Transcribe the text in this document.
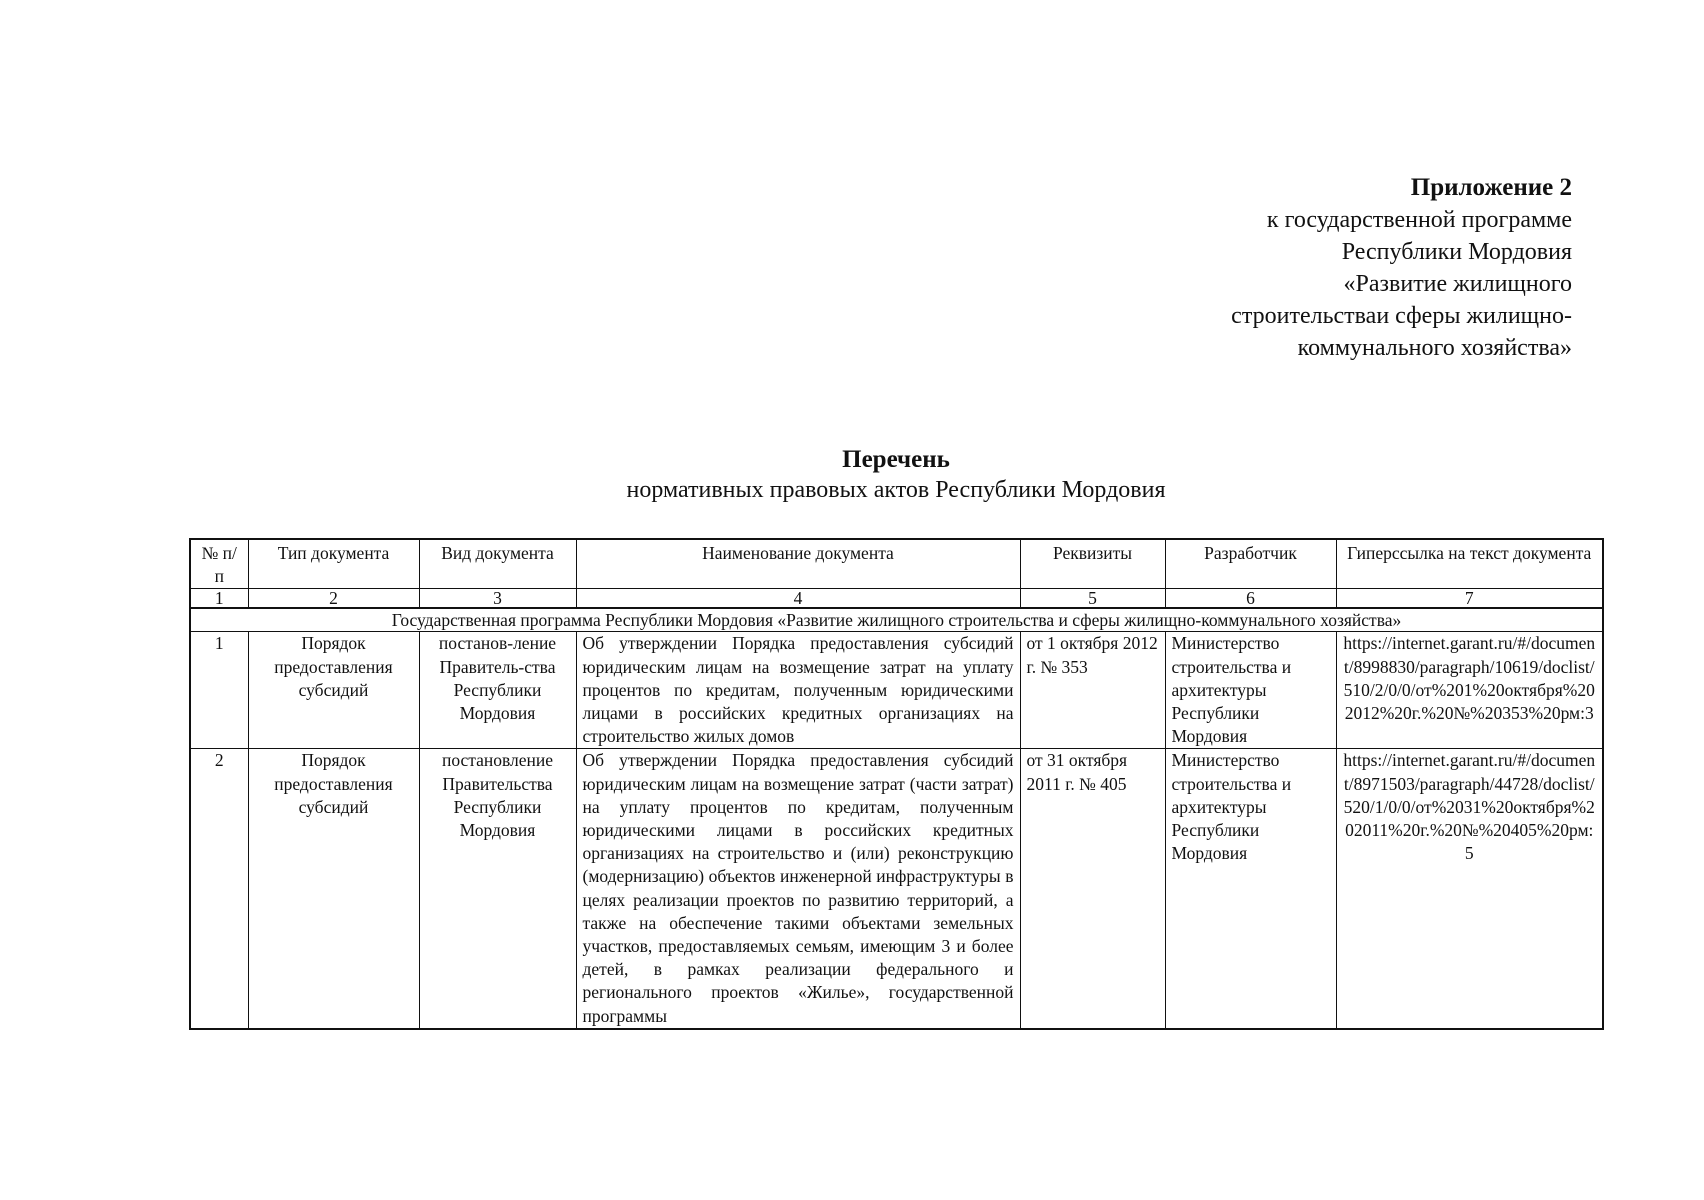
Приложение 2
к государственной программе
Республики Мордовия
«Развитие жилищного
строительстваи сферы жилищно-
коммунального хозяйства»
Перечень
нормативных правовых актов Республики Мордовия
№ п/п	Тип документа	Вид документа	Наименование документа	Реквизиты	Разработчик	Гиперссылка на текст документа
1	2	3	4	5	6	7
Государственная программа Республики Мордовия «Развитие жилищного строительства и сферы жилищно-коммунального хозяйства»						
1	Порядок предоставления субсидий	постанов-ление Правитель-ства Республики Мордовия	Об утверждении Порядка предоставления субсидий юридическим лицам на возмещение затрат на уплату процентов по кредитам, полученным юридическими лицами в российских кредитных организациях на строительство жилых домов	от 1 октября 2012 г. № 353	Министерство строительства и архитектуры Республики Мордовия	https://internet.garant.ru/#/document/8998830/paragraph/10619/doclist/510/2/0/0/от%201%20октября%202012%20г.%20№%20353%20рм:3
2	Порядок предоставления субсидий	постановление Правительства Республики Мордовия	Об утверждении Порядка предоставления субсидий юридическим лицам на возмещение затрат (части затрат) на уплату процентов по кредитам, полученным юридическими лицами в российских кредитных организациях на строительство и (или) реконструкцию (модернизацию) объектов инженерной инфраструктуры в целях реализации проектов по развитию территорий, а также на обеспечение такими объектами земельных участков, предоставляемых семьям, имеющим 3 и более детей, в рамках реализации федерального и регионального проектов «Жилье», государственной программы	от 31 октября 2011 г. № 405	Министерство строительства и архитектуры Республики Мордовия	https://internet.garant.ru/#/document/8971503/paragraph/44728/doclist/520/1/0/0/от%2031%20октября%202011%20г.%20№%20405%20рм:5
